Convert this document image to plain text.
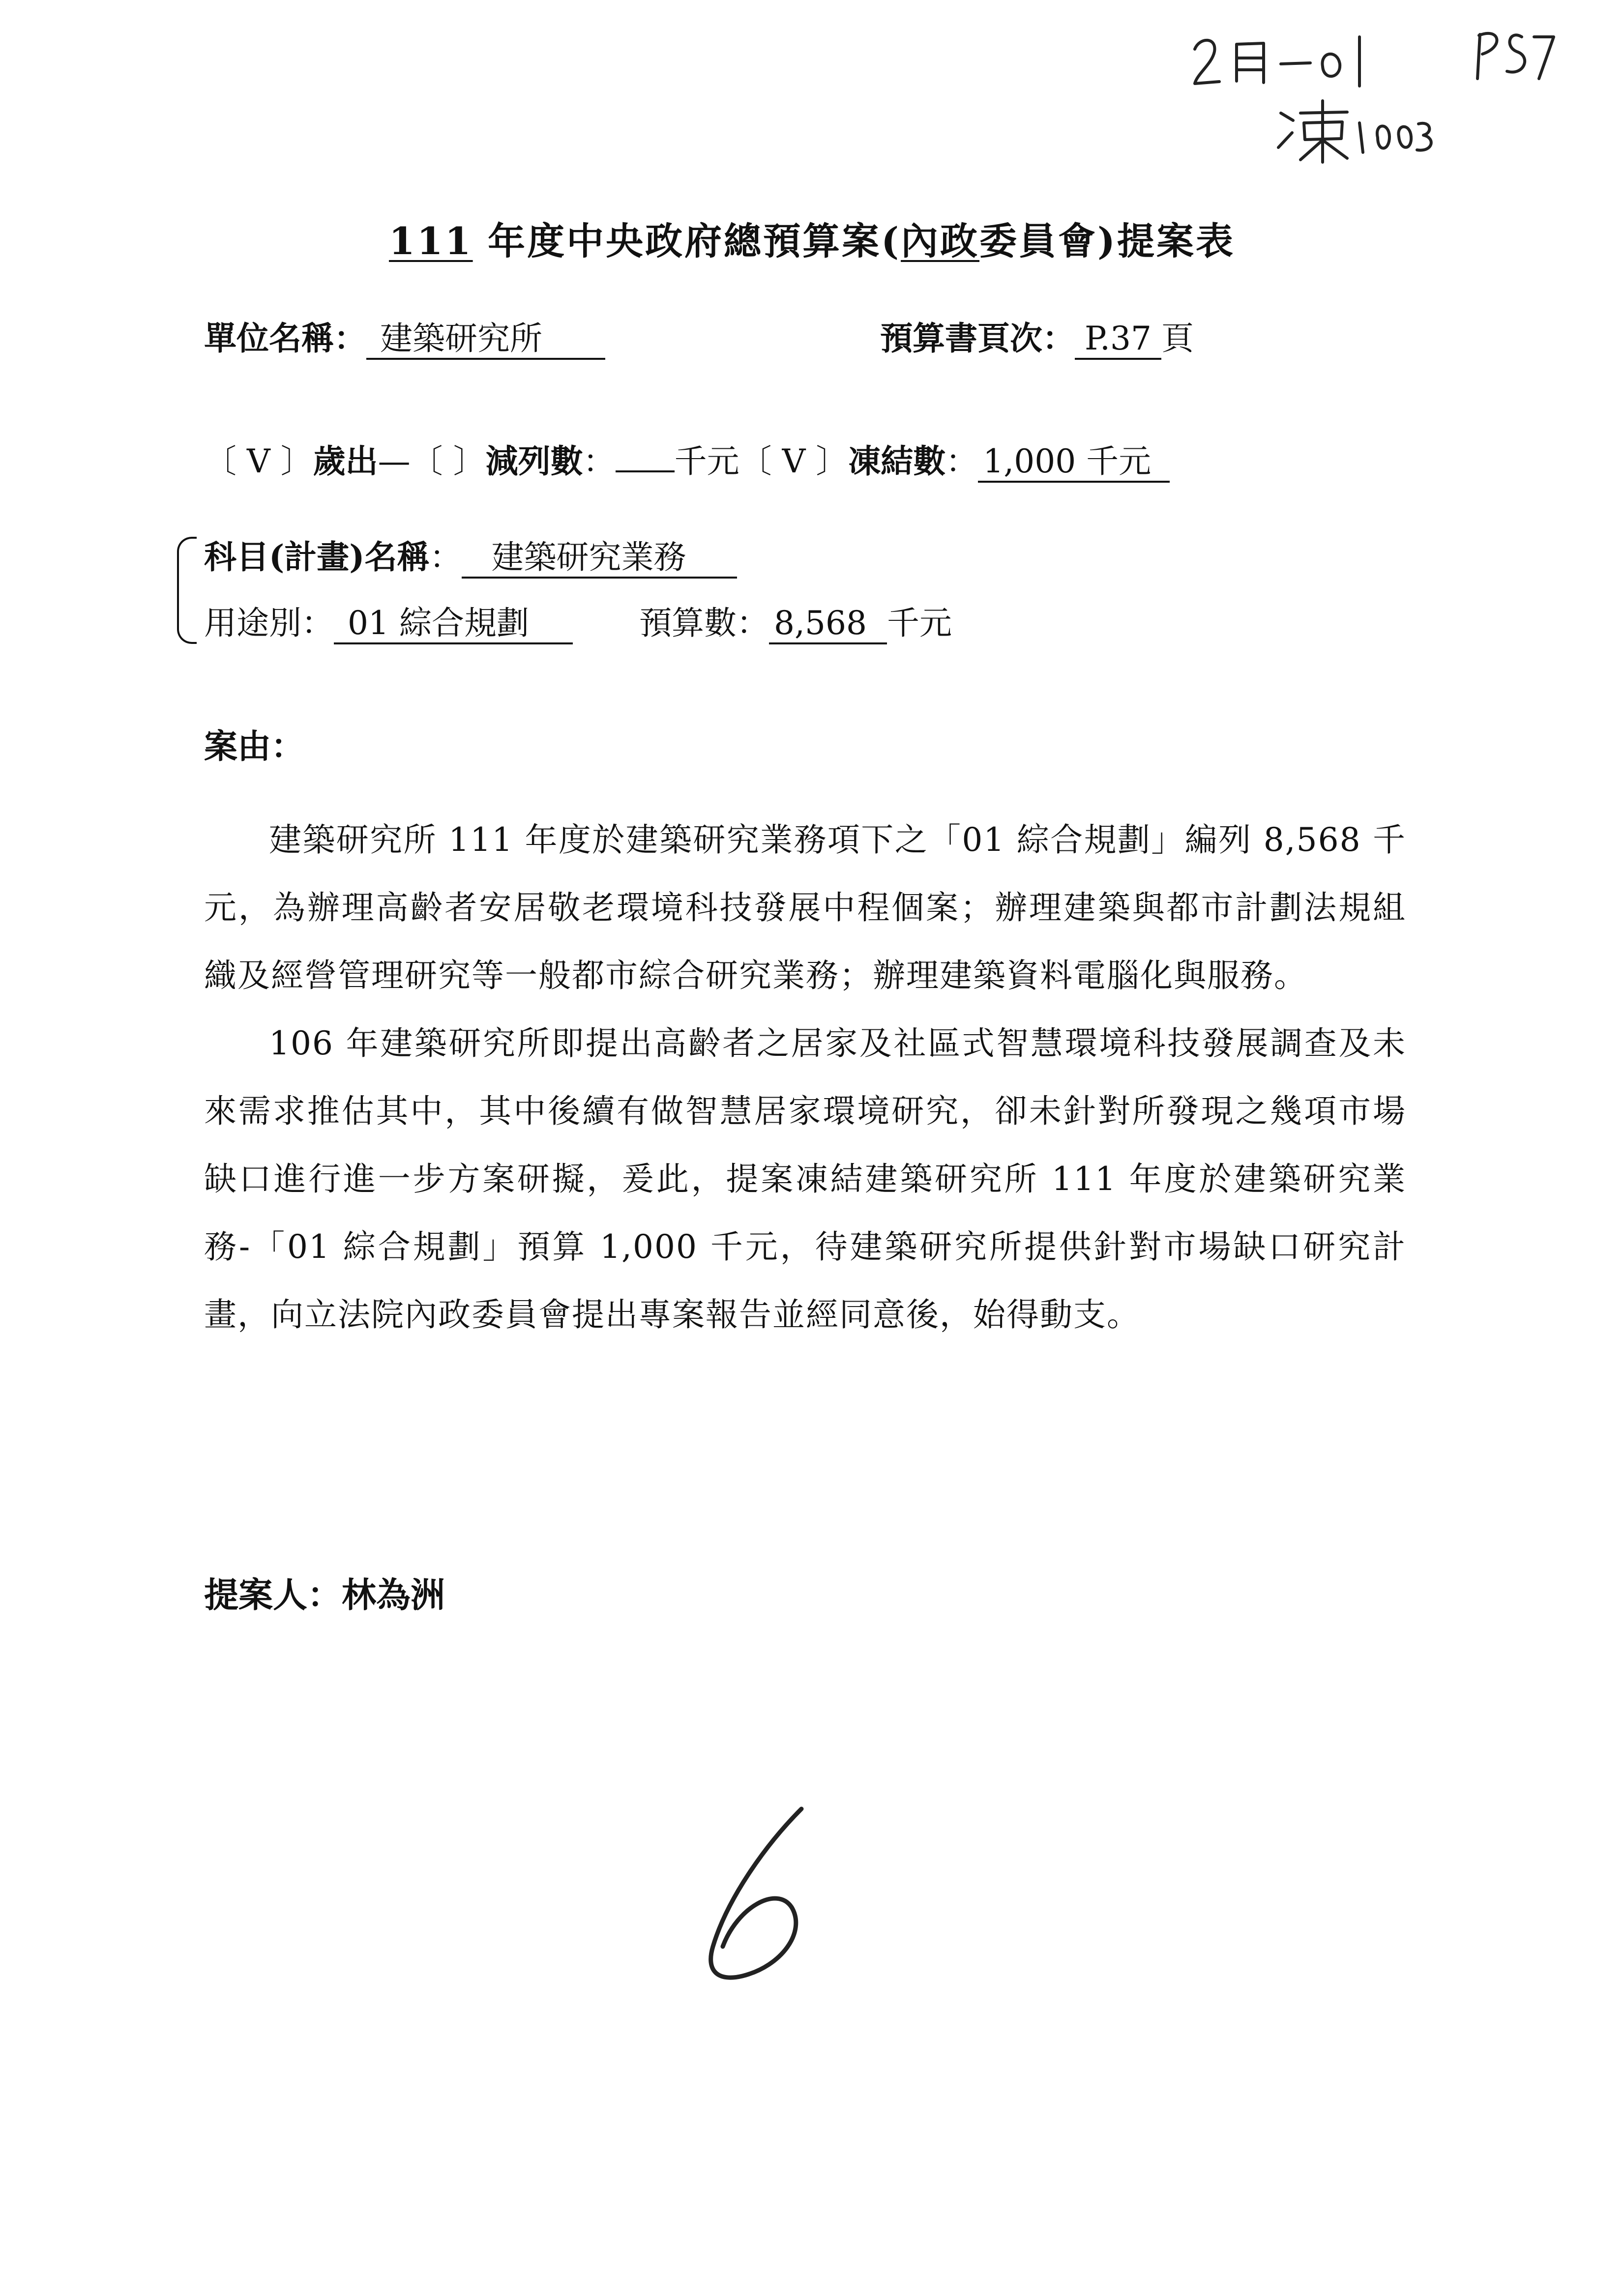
111 年度中央政府總預算案(內政委員會)提案表
單位名稱： 建築研究所	預算書頁次： P.37 頁
〔 V 〕歲出—〔 〕減列數： 千元〔 V 〕凍結數： 1,000 千元
科目(計畫)名稱： 建築研究業務
用途別： 01 綜合規劃	預算數： 8,568 千元
案由：

建築研究所 111 年度於建築研究業務項下之「01 綜合規劃」編列 8,568 千元，為辦理高齡者安居敬老環境科技發展中程個案；辦理建築與都市計劃法規組織及經營管理研究等一般都市綜合研究業務；辦理建築資料電腦化與服務。

106 年建築研究所即提出高齡者之居家及社區式智慧環境科技發展調查及未來需求推估其中，其中後續有做智慧居家環境研究，卻未針對所發現之幾項市場缺口進行進一步方案研擬，爰此，提案凍結建築研究所 111 年度於建築研究業務-「01 綜合規劃」預算 1,000 千元，待建築研究所提供針對市場缺口研究計畫，向立法院內政委員會提出專案報告並經同意後，始得動支。

提案人：林為洲
